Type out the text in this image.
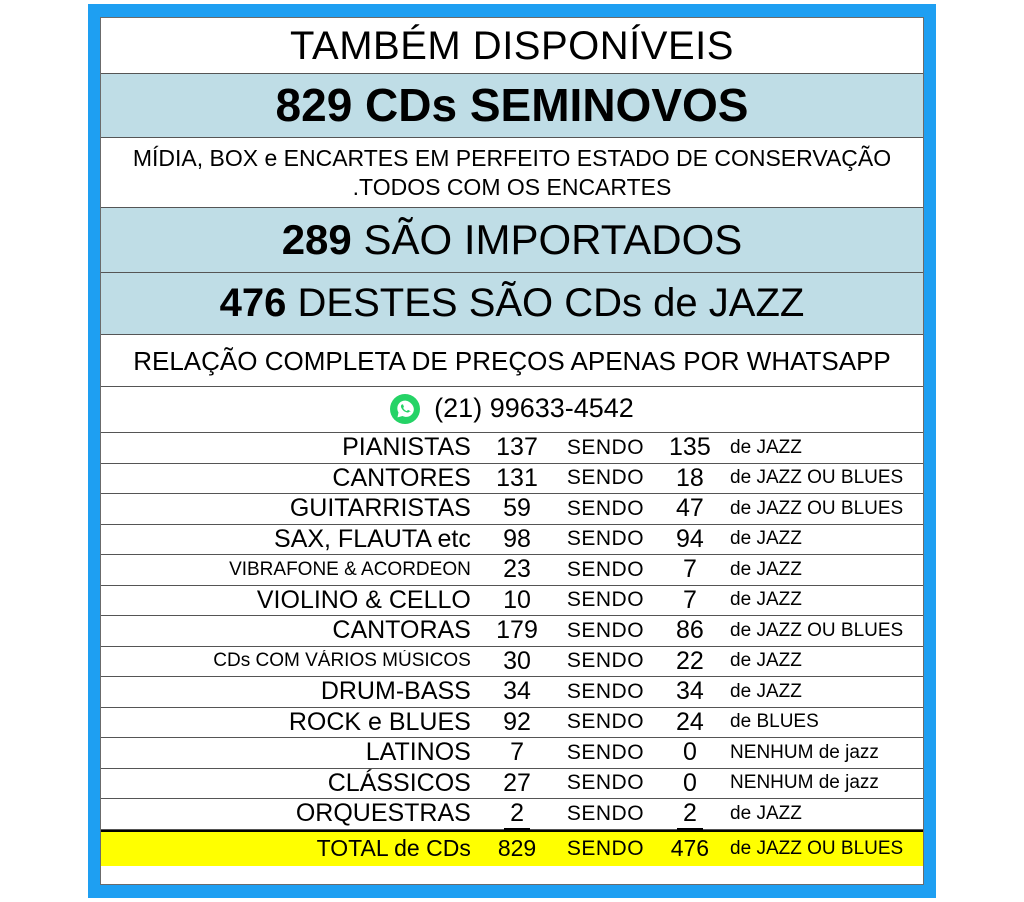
TAMBÉM DISPONÍVEIS
829 CDs SEMINOVOS
MÍDIA, BOX e ENCARTES EM PERFEITO ESTADO DE CONSERVAÇÃO
.TODOS COM OS ENCARTES
289 SÃO IMPORTADOS
476 DESTES SÃO CDs de JAZZ
RELAÇÃO COMPLETA DE PREÇOS APENAS POR WHATSAPP
(21) 99633-4542
PIANISTAS	137	SENDO 135	de JAZZ
CANTORES	131	SENDO	18	de JAZZ OU BLUES
GUITARRISTAS	59	SENDO	47	de JAZZ OU BLUES
SAX, FLAUTA etc	98	SENDO	94	de JAZZ
VIBRAFONE & ACORDEON	23	SENDO	7	de JAZZ
VIOLINO & CELLO	10	SENDO	7	de JAZZ
CANTORAS	179	SENDO	86	de JAZZ OU BLUES
CDs COM VÁRIOS MÚSICOS	30	SENDO	22	de JAZZ
DRUM-BASS	34	SENDO	34	de JAZZ
ROCK e BLUES	92	SENDO	24	de BLUES
LATINOS	7	SENDO	0	NENHUM de jazz
CLÁSSICOS	27	SENDO	0	NENHUM de jazz
ORQUESTRAS	2	SENDO	2	de JAZZ
TOTAL de CDs	829	SENDO	476	de JAZZ OU BLUES V
